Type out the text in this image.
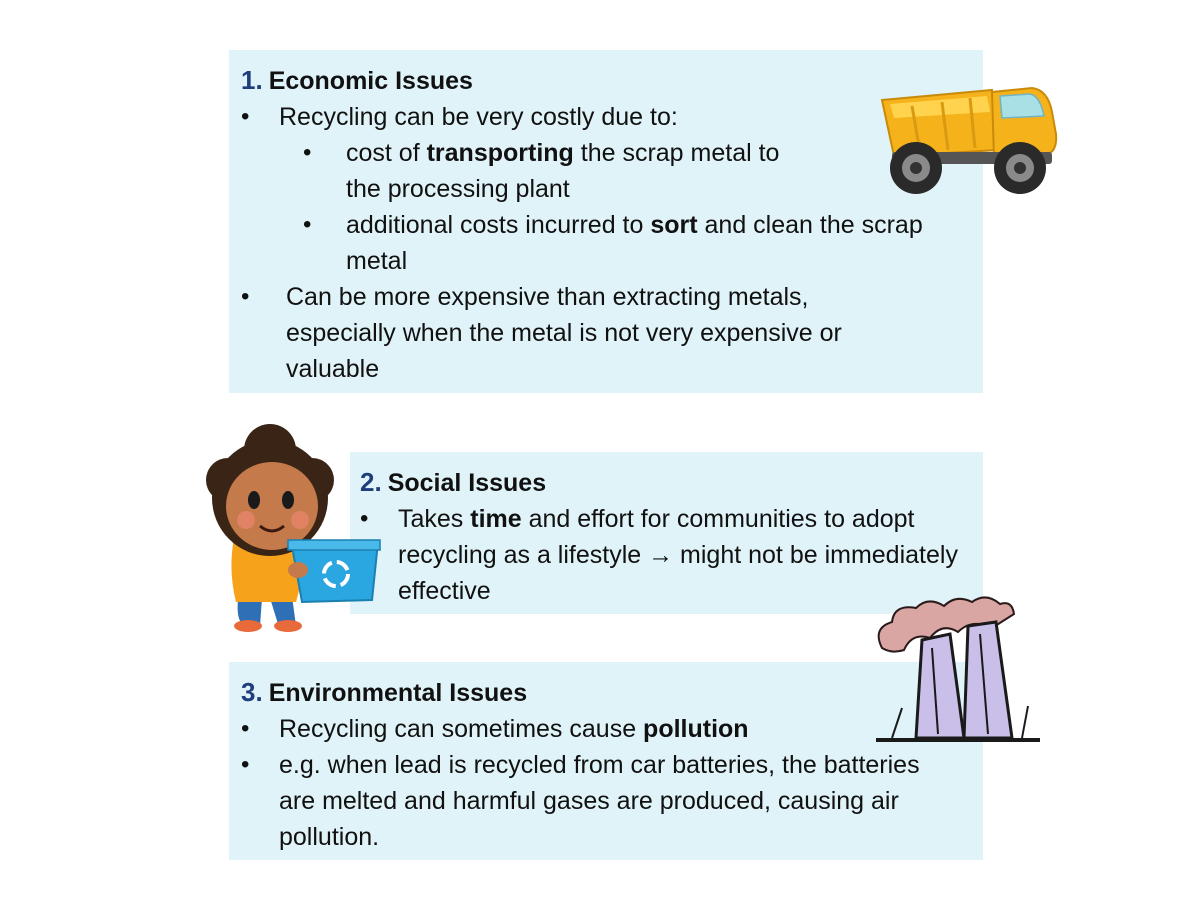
1. Economic Issues
• Recycling can be very costly due to:
• cost of transporting the scrap metal to the processing plant
• additional costs incurred to sort and clean the scrap metal
• Can be more expensive than extracting metals, especially when the metal is not very expensive or valuable
2. Social Issues
• Takes time and effort for communities to adopt recycling as a lifestyle → might not be immediately effective
3. Environmental Issues
• Recycling can sometimes cause pollution
• e.g. when lead is recycled from car batteries, the batteries are melted and harmful gases are produced, causing air pollution.
